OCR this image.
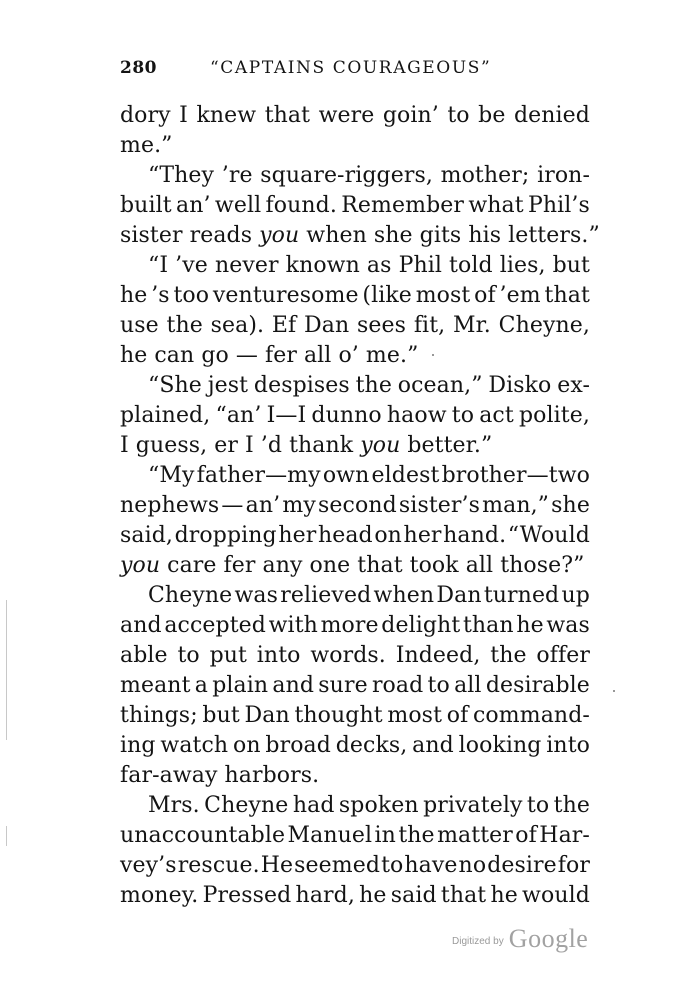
280	“CAPTAINS COURAGEOUS”
dory I knew that were goin’ to be denied
me.”
“They ’re square-riggers, mother; iron-
built an’ well found. Remember what Phil’s
sister reads you when she gits his letters.”
“I ’ve never known as Phil told lies, but
he ’s too venturesome (like most of ’em that
use the sea). Ef Dan sees fit, Mr. Cheyne,
he can go — fer all o’ me.”
“She jest despises the ocean,” Disko ex-
plained, “an’ I—I dunno haow to act polite,
I guess, er I ’d thank you better.”
“My father—my own eldest brother—two
nephews — an’ my second sister’s man,” she
said, dropping her head on her hand. “Would
you care fer any one that took all those?”
Cheyne was relieved when Dan turned up
and accepted with more delight than he was
able to put into words. Indeed, the offer
meant a plain and sure road to all desirable
things; but Dan thought most of command-
ing watch on broad decks, and looking into
far-away harbors.
Mrs. Cheyne had spoken privately to the
unaccountable Manuel in the matter of Har-
vey’s rescue. He seemed to have no desire for
money. Pressed hard, he said that he would
Digitized by Google
